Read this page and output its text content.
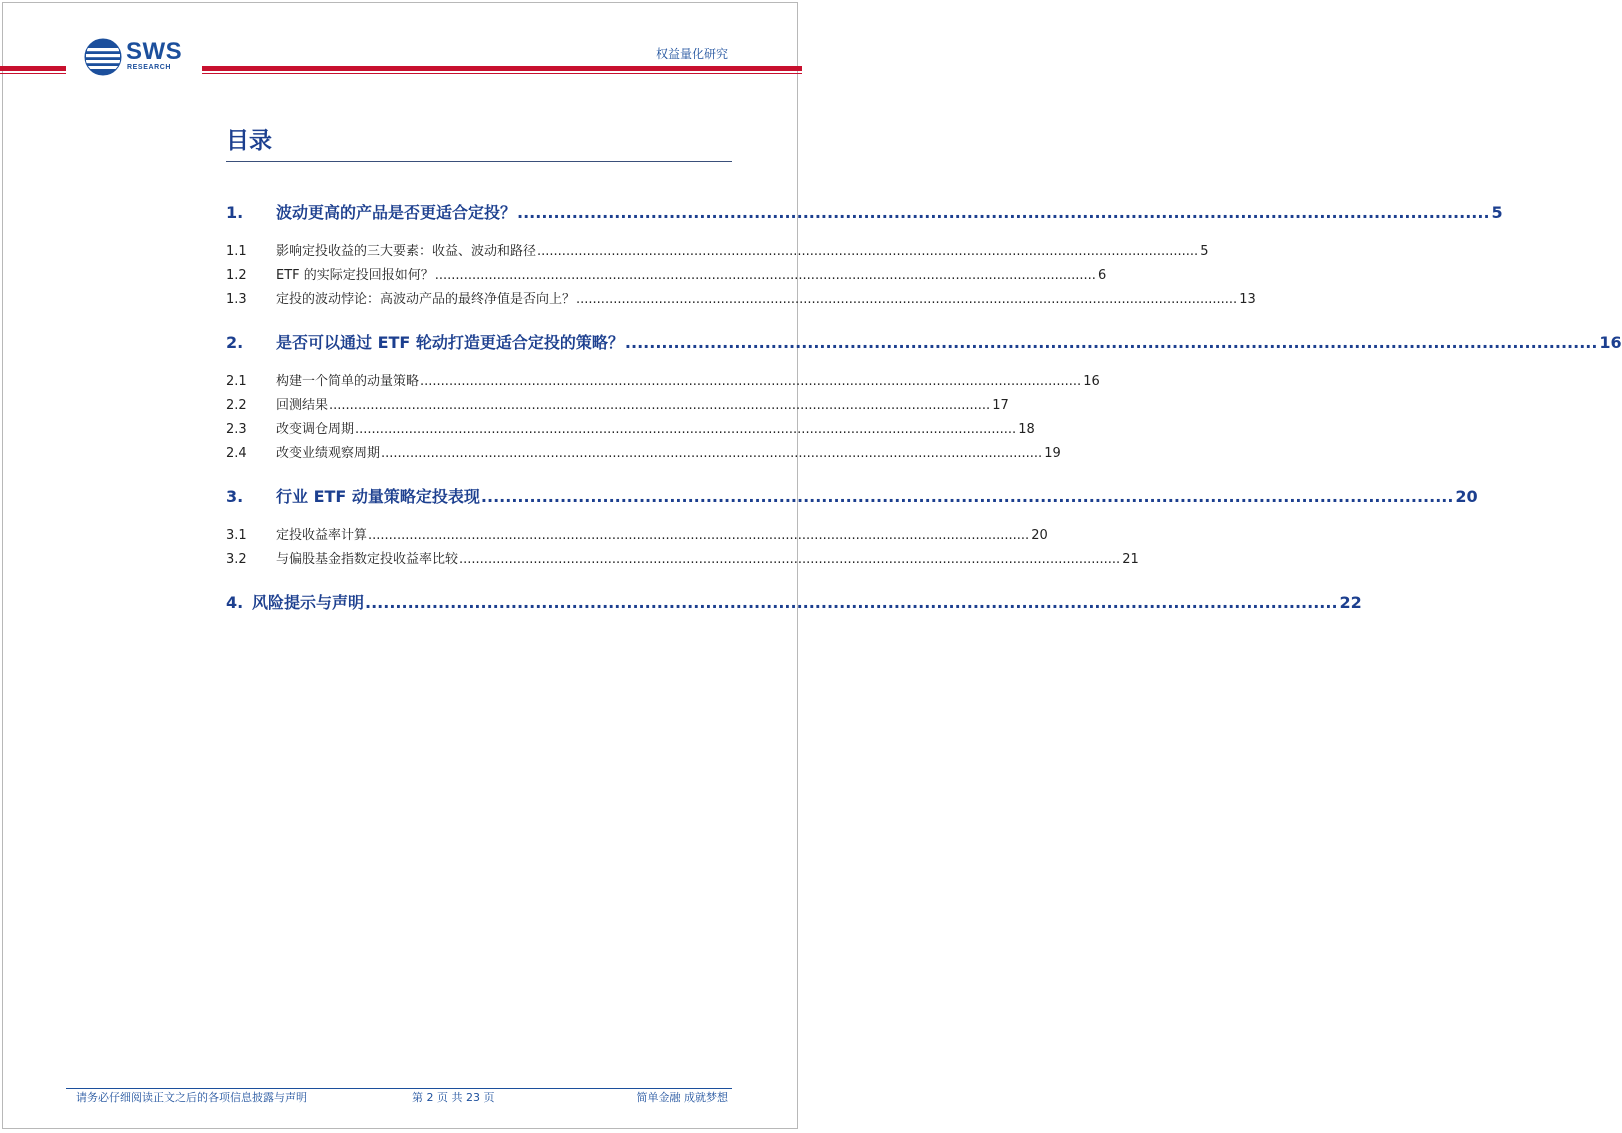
SWS
RESEARCH
权益量化研究
目录
1.	波动更高的产品是否更适合定投？ ................................................................................................................................................................ 5
1.1	影响定投收益的三大要素：收益、波动和路径 ................................................................................................................................................................ 5
1.2	ETF 的实际定投回报如何？ ................................................................................................................................................................ 6
1.3	定投的波动悖论：高波动产品的最终净值是否向上？ ................................................................................................................................................................ 13
2.	是否可以通过 ETF 轮动打造更适合定投的策略？ ................................................................................................................................................................ 16
2.1	构建一个简单的动量策略 ................................................................................................................................................................ 16
2.2	回测结果 ................................................................................................................................................................ 17
2.3	改变调仓周期 ................................................................................................................................................................ 18
2.4	改变业绩观察周期 ................................................................................................................................................................ 19
3.	行业 ETF 动量策略定投表现 ................................................................................................................................................................ 20
3.1	定投收益率计算 ................................................................................................................................................................ 20
3.2	与偏股基金指数定投收益率比较 ................................................................................................................................................................ 21
4. 风险提示与声明 ................................................................................................................................................................ 22
请务必仔细阅读正文之后的各项信息披露与声明	第 2 页 共 23 页	简单金融 成就梦想
